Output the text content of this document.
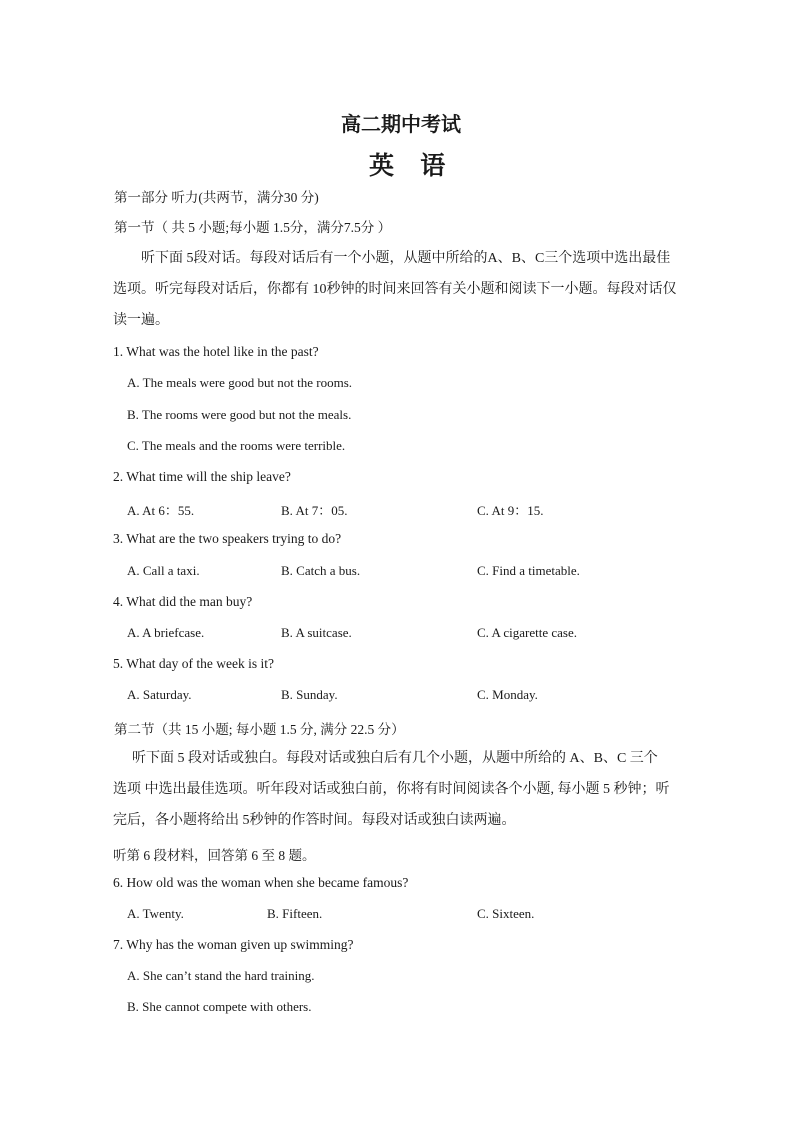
高二期中考试
英 语
第一部分 听力(共两节，满分30 分)
第一节（ 共 5 小题;每小题 1.5分，满分7.5分 ）
听下面 5段对话。每段对话后有一个小题，从题中所给的A、B、C三个选项中选出最佳
选项。听完每段对话后，你都有 10秒钟的时间来回答有关小题和阅读下一小题。每段对话仅
读一遍。
1. What was the hotel like in the past?
A. The meals were good but not the rooms.
B. The rooms were good but not the meals.
C. The meals and the rooms were terrible.
2. What time will the ship leave?
A. At 6：55.	B. At 7：05.	C. At 9：15.
3. What are the two speakers trying to do?
A. Call a taxi.	B. Catch a bus.	C. Find a timetable.
4. What did the man buy?
A. A briefcase.	B. A suitcase.	C. A cigarette case.
5. What day of the week is it?
A. Saturday.	B. Sunday.	C. Monday.
第二节（共 15 小题; 每小题 1.5 分, 满分 22.5 分）
听下面 5 段对话或独白。每段对话或独白后有几个小题，从题中所给的 A、B、C 三个
选项 中选出最佳选项。听年段对话或独白前，你将有时间阅读各个小题, 每小题 5 秒钟；听
完后，各小题将给出 5秒钟的作答时间。每段对话或独白读两遍。
听第 6 段材料，回答第 6 至 8 题。
6. How old was the woman when she became famous?
A. Twenty.	B. Fifteen.	C. Sixteen.
7. Why has the woman given up swimming?
A. She can’t stand the hard training.
B. She cannot compete with others.
